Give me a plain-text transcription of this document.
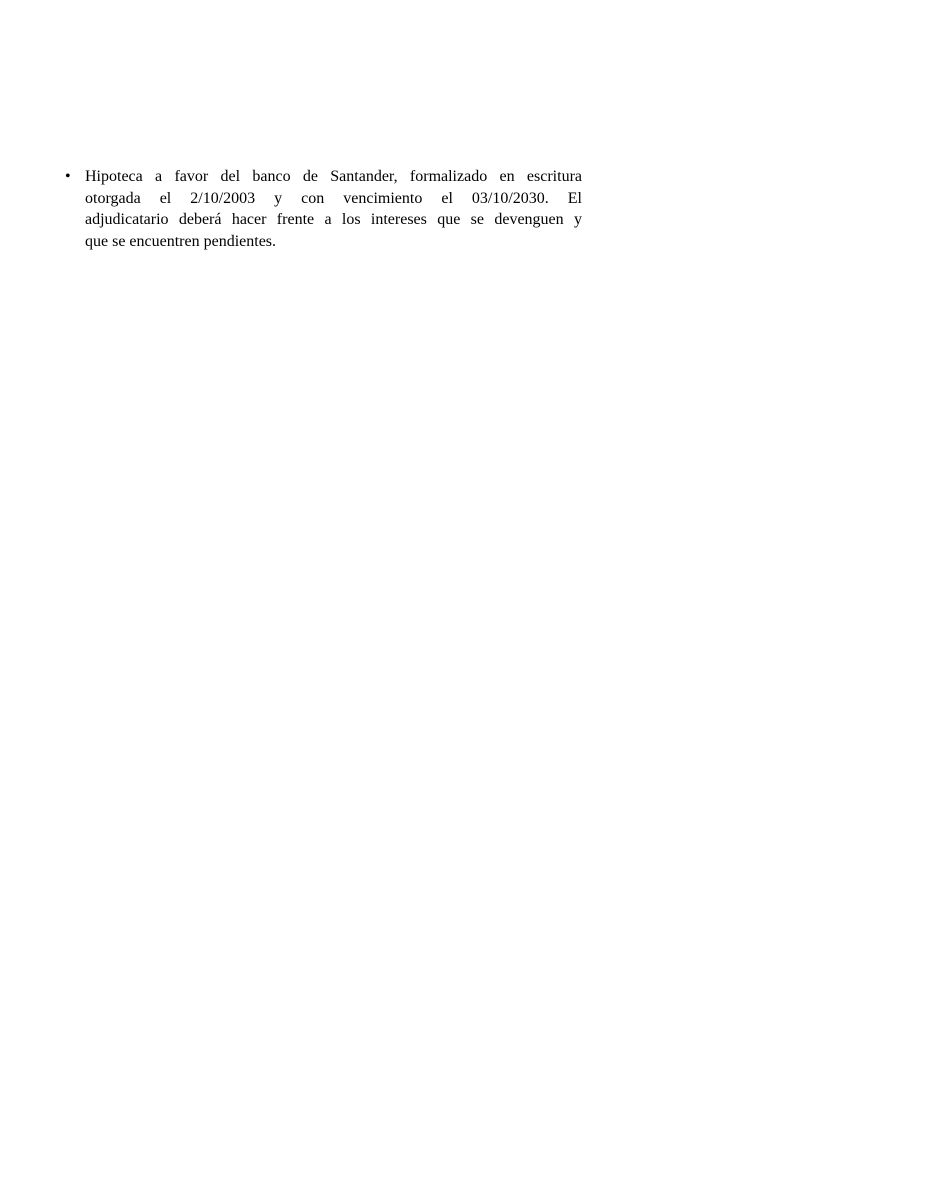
• Hipoteca a favor del banco de Santander, formalizado en escritura
otorgada el 2/10/2003 y con vencimiento el 03/10/2030. El
adjudicatario deberá hacer frente a los intereses que se devenguen y
que se encuentren pendientes.
